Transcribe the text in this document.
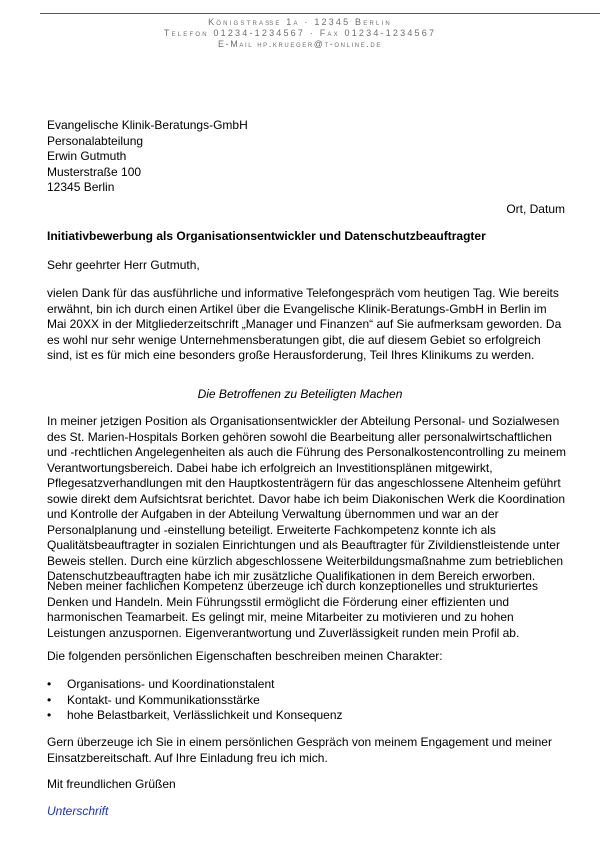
Königstraße 1a · 12345 Berlin
Telefon 01234-1234567 · Fax 01234-1234567
E-Mail hp.krueger@t-online.de
Evangelische Klinik-Beratungs-GmbH
Personalabteilung
Erwin Gutmuth
Musterstraße 100
12345 Berlin
Ort, Datum
Initiativbewerbung als Organisationsentwickler und Datenschutzbeauftragter
Sehr geehrter Herr Gutmuth,
vielen Dank für das ausführliche und informative Telefongespräch vom heutigen Tag. Wie bereits erwähnt, bin ich durch einen Artikel über die Evangelische Klinik-Beratungs-GmbH in Berlin im Mai 20XX in der Mitgliederzeitschrift „Manager und Finanzen“ auf Sie aufmerksam geworden. Da es wohl nur sehr wenige Unternehmensberatungen gibt, die auf diesem Gebiet so erfolgreich sind, ist es für mich eine besonders große Herausforderung, Teil Ihres Klinikums zu werden.
Die Betroffenen zu Beteiligten Machen
In meiner jetzigen Position als Organisationsentwickler der Abteilung Personal- und Sozialwesen des St. Marien-Hospitals Borken gehören sowohl die Bearbeitung aller personalwirtschaftlichen und -rechtlichen Angelegenheiten als auch die Führung des Personalkostencontrolling zu meinem Verantwortungsbereich. Dabei habe ich erfolgreich an Investitionsplänen mitgewirkt, Pflegesatzverhandlungen mit den Hauptkostenträgern für das angeschlossene Altenheim geführt sowie direkt dem Aufsichtsrat berichtet. Davor habe ich beim Diakonischen Werk die Koordination und Kontrolle der Aufgaben in der Abteilung Verwaltung übernommen und war an der Personalplanung und -einstellung beteiligt. Erweiterte Fachkompetenz konnte ich als Qualitätsbeauftragter in sozialen Einrichtungen und als Beauftragter für Zivildienstleistende unter Beweis stellen. Durch eine kürzlich abgeschlossene Weiterbildungsmaßnahme zum betrieblichen Datenschutzbeauftragten habe ich mir zusätzliche Qualifikationen in dem Bereich erworben.
Neben meiner fachlichen Kompetenz überzeuge ich durch konzeptionelles und strukturiertes Denken und Handeln. Mein Führungsstil ermöglicht die Förderung einer effizienten und harmonischen Teamarbeit. Es gelingt mir, meine Mitarbeiter zu motivieren und zu hohen Leistungen anzuspornen. Eigenverantwortung und Zuverlässigkeit runden mein Profil ab.
Die folgenden persönlichen Eigenschaften beschreiben meinen Charakter:
• Organisations- und Koordinationstalent
• Kontakt- und Kommunikationsstärke
• hohe Belastbarkeit, Verlässlichkeit und Konsequenz
Gern überzeuge ich Sie in einem persönlichen Gespräch von meinem Engagement und meiner Einsatzbereitschaft. Auf Ihre Einladung freu ich mich.
Mit freundlichen Grüßen
Unterschrift
